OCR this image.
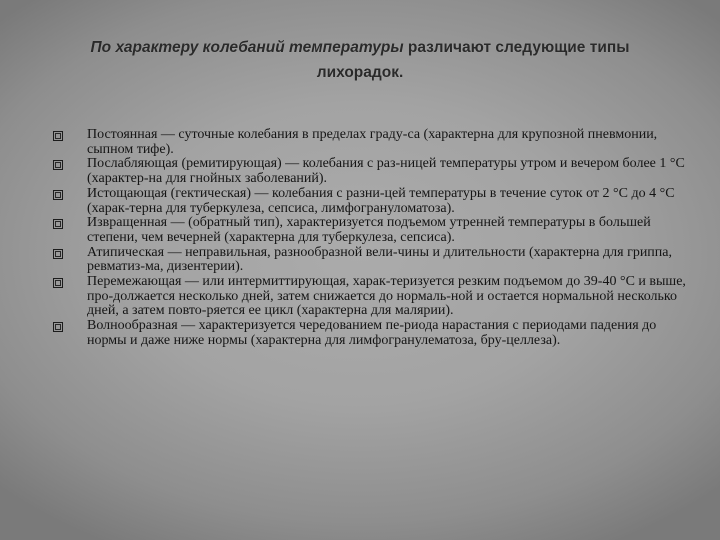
По характеру колебаний температуры различают следующие типы лихорадок.
Постоянная — суточные колебания в пределах граду-са (характерна для крупозной пневмонии, сыпном тифе).
Послабляющая (ремитирующая) — колебания с раз-ницей температуры утром и вечером более 1 °С (характер-на для гнойных заболеваний).
Истощающая (гектическая) — колебания с разни-цей температуры в течение суток от 2 °С до 4 °С (харак-терна для туберкулеза, сепсиса, лимфогрануломатоза).
Извращенная — (обратный тип), характеризуется подъемом утренней температуры в большей степени, чем вечерней (характерна для туберкулеза, сепсиса).
Атипическая — неправильная, разнообразной вели-чины и длительности (характерна для гриппа, ревматиз-ма, дизентерии).
Перемежающая — или интермиттирующая, харак-теризуется резким подъемом до 39-40 °С и выше, про-должается несколько дней, затем снижается до нормаль-ной и остается нормальной несколько дней, а затем повто-ряется ее цикл (характерна для малярии).
Волнообразная — характеризуется чередованием пе-риода нарастания с периодами падения до нормы и даже ниже нормы (характерна для лимфогранулематоза, бру-целлеза).
